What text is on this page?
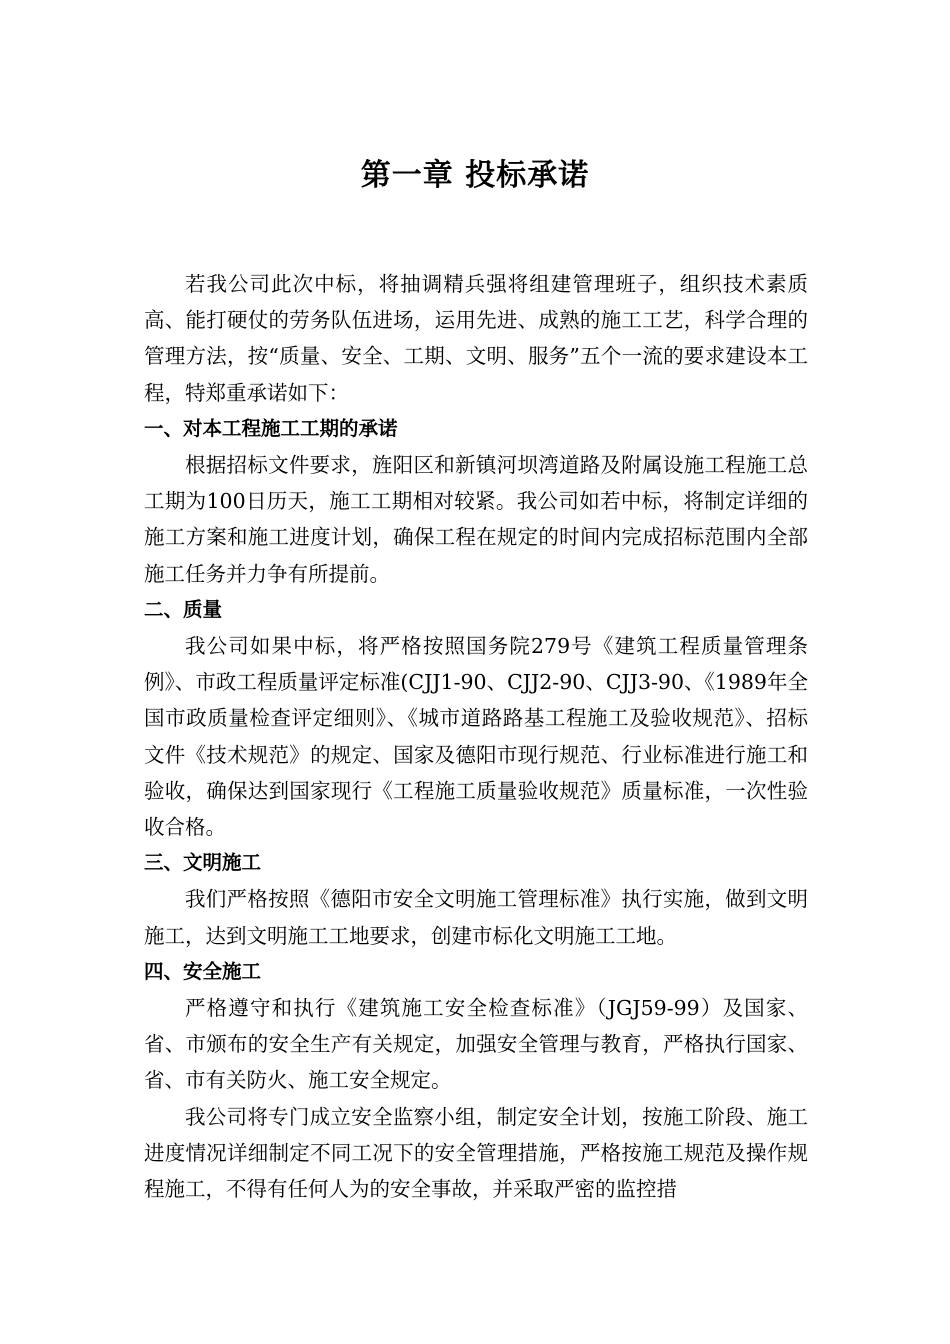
第一章 投标承诺

若我公司此次中标，将抽调精兵强将组建管理班子，组织技术素质高、能打硬仗的劳务队伍进场，运用先进、成熟的施工工艺，科学合理的管理方法，按“质量、安全、工期、文明、服务”五个一流的要求建设本工程，特郑重承诺如下：

一、对本工程施工工期的承诺

根据招标文件要求，旌阳区和新镇河坝湾道路及附属设施工程施工总工期为100日历天，施工工期相对较紧。我公司如若中标，将制定详细的施工方案和施工进度计划，确保工程在规定的时间内完成招标范围内全部施工任务并力争有所提前。

二、质量

我公司如果中标，将严格按照国务院279号《建筑工程质量管理条例》、市政工程质量评定标准(CJJ1-90、CJJ2-90、CJJ3-90、《1989年全国市政质量检查评定细则》、《城市道路路基工程施工及验收规范》、招标文件《技术规范》的规定、国家及德阳市现行规范、行业标准进行施工和验收，确保达到国家现行《工程施工质量验收规范》质量标准，一次性验收合格。

三、文明施工

我们严格按照《德阳市安全文明施工管理标准》执行实施，做到文明施工，达到文明施工工地要求，创建市标化文明施工工地。

四、安全施工

严格遵守和执行《建筑施工安全检查标准》（JGJ59-99）及国家、省、市颁布的安全生产有关规定，加强安全管理与教育，严格执行国家、省、市有关防火、施工安全规定。

我公司将专门成立安全监察小组，制定安全计划，按施工阶段、施工进度情况详细制定不同工况下的安全管理措施，严格按施工规范及操作规程施工，不得有任何人为的安全事故，并采取严密的监控措
